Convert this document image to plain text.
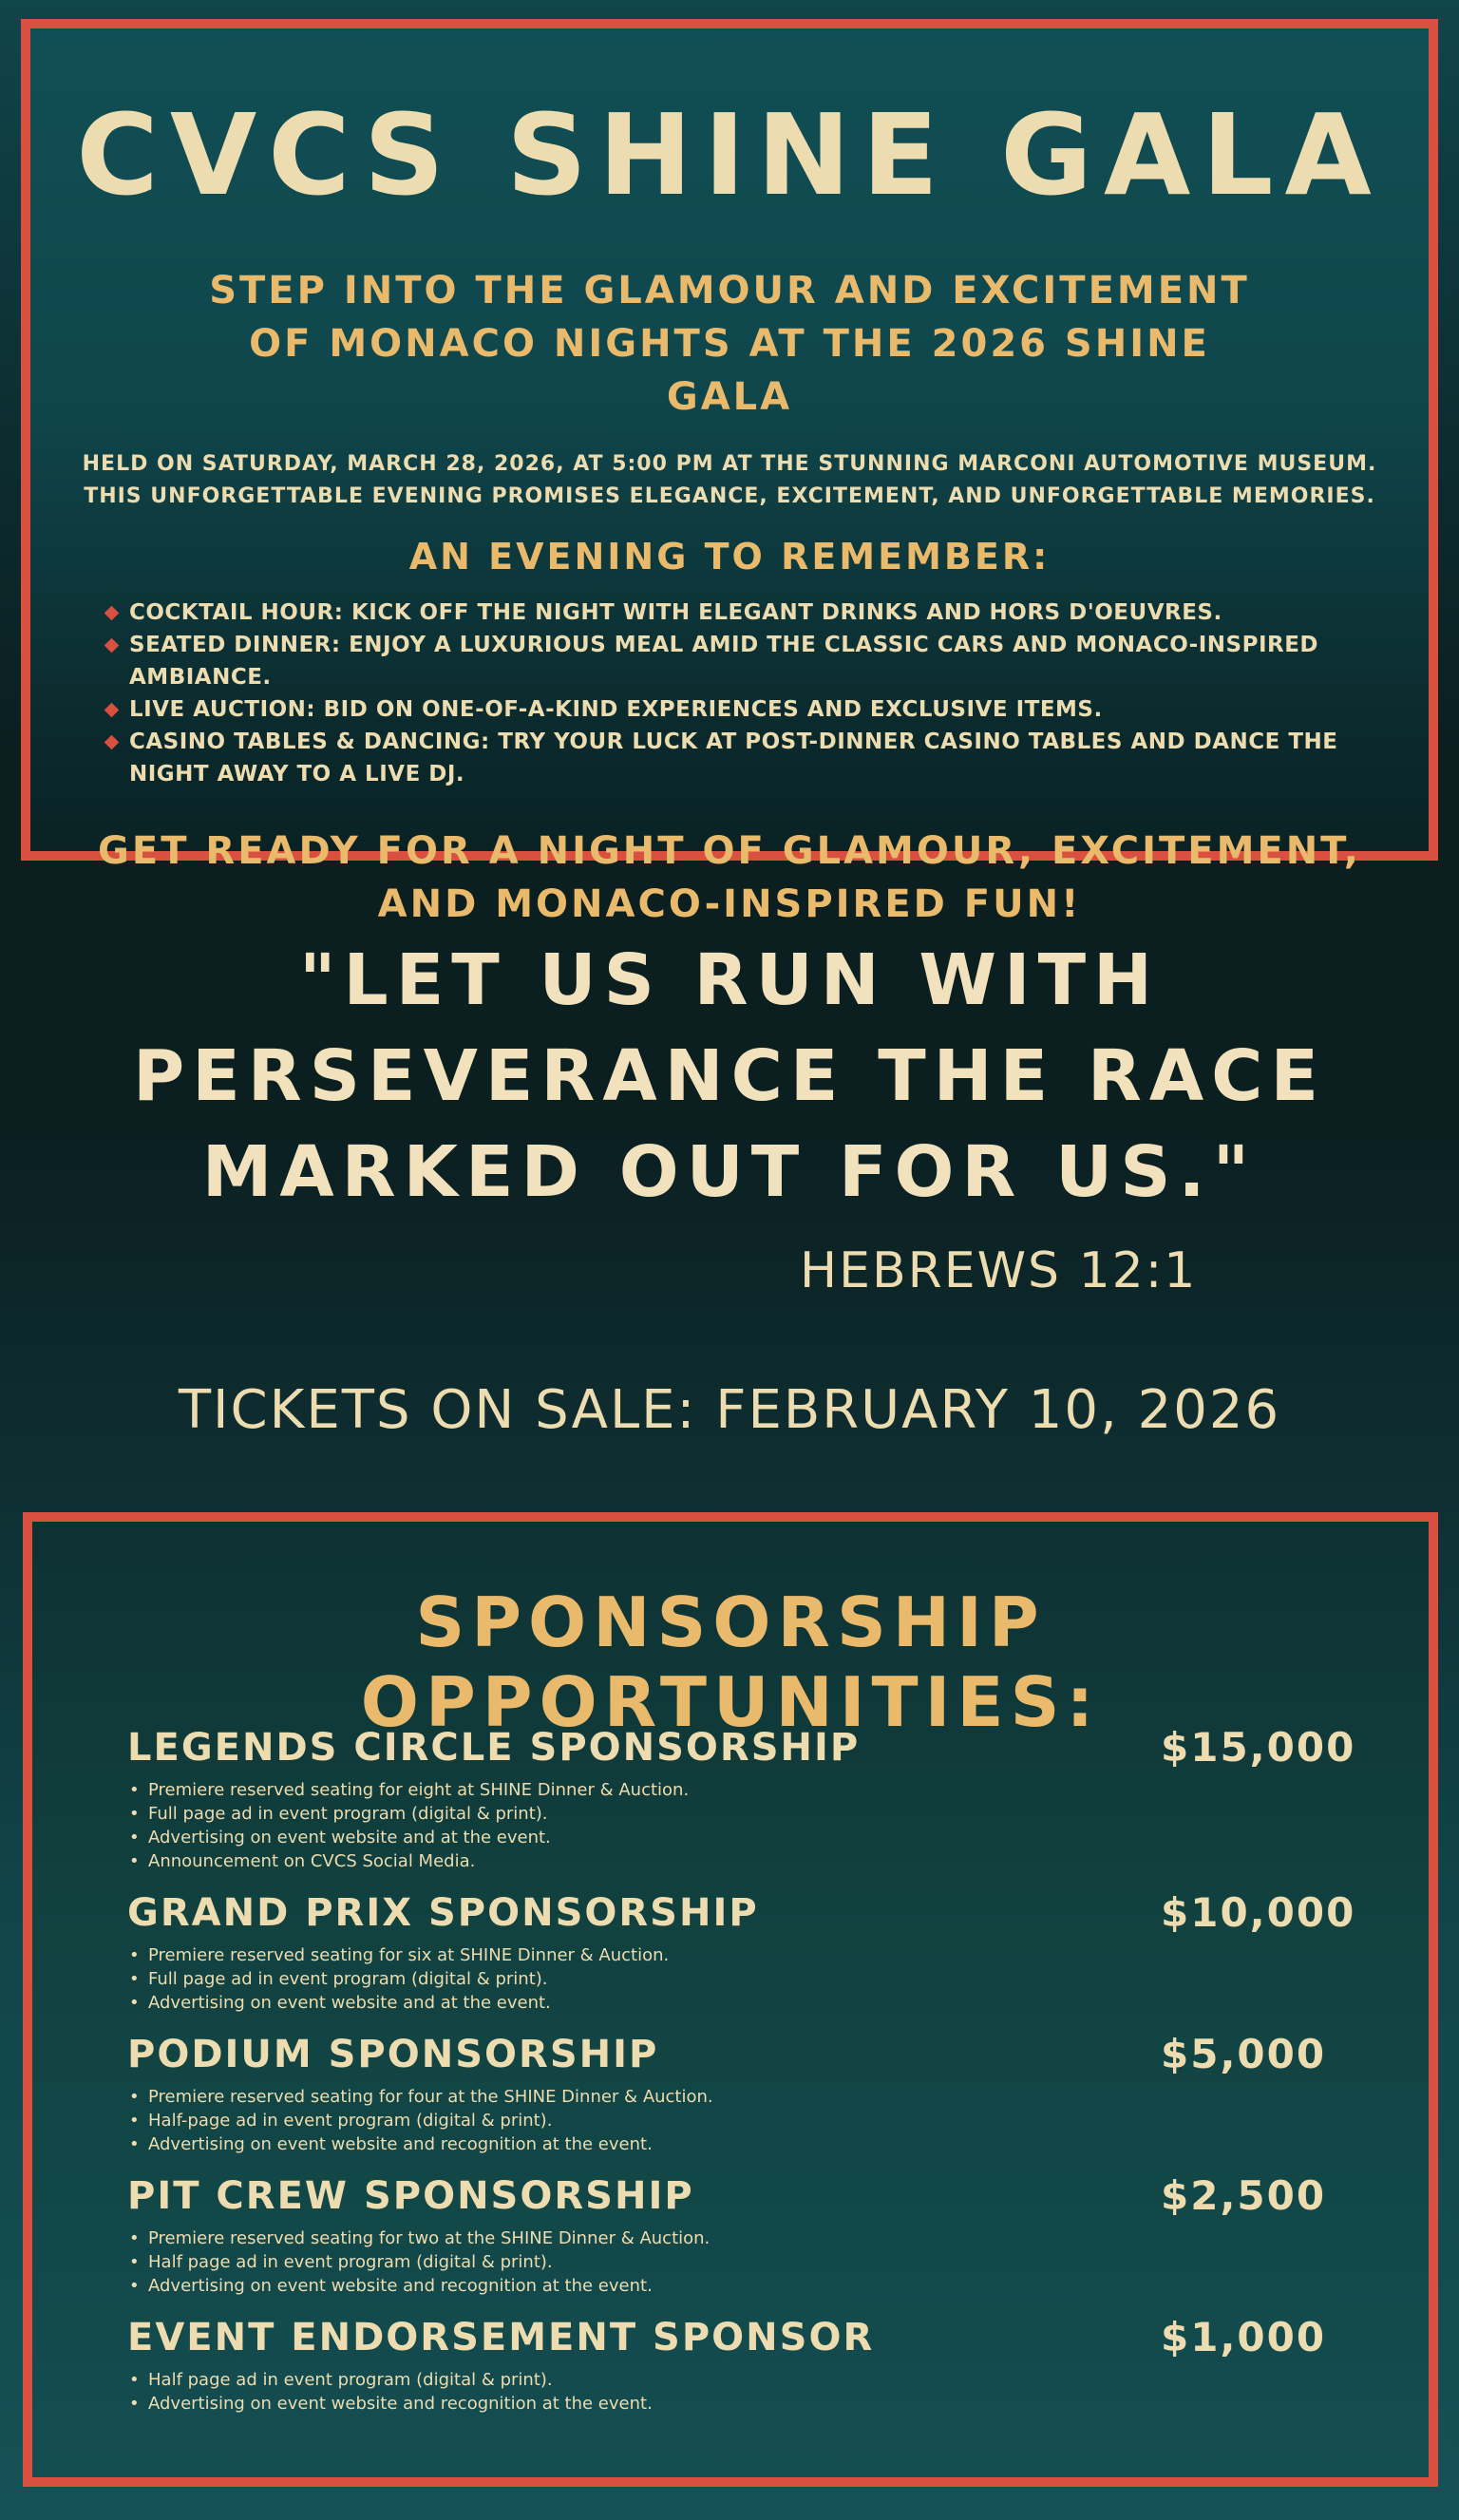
CVCS SHINE GALA
STEP INTO THE GLAMOUR AND EXCITEMENT OF MONACO NIGHTS AT THE 2026 SHINE GALA
HELD ON SATURDAY, MARCH 28, 2026, AT 5:00 PM AT THE STUNNING MARCONI AUTOMOTIVE MUSEUM.
THIS UNFORGETTABLE EVENING PROMISES ELEGANCE, EXCITEMENT, AND UNFORGETTABLE MEMORIES.
AN EVENING TO REMEMBER:
COCKTAIL HOUR: KICK OFF THE NIGHT WITH ELEGANT DRINKS AND HORS D'OEUVRES.
SEATED DINNER: ENJOY A LUXURIOUS MEAL AMID THE CLASSIC CARS AND MONACO-INSPIRED AMBIANCE.
LIVE AUCTION: BID ON ONE-OF-A-KIND EXPERIENCES AND EXCLUSIVE ITEMS.
CASINO TABLES & DANCING: TRY YOUR LUCK AT POST-DINNER CASINO TABLES AND DANCE THE
NIGHT AWAY TO A LIVE DJ.
GET READY FOR A NIGHT OF GLAMOUR, EXCITEMENT, AND MONACO-INSPIRED FUN!
"LET US RUN WITH
PERSEVERANCE THE RACE
MARKED OUT FOR US."
HEBREWS 12:1
TICKETS ON SALE: FEBRUARY 10, 2026
SPONSORSHIP OPPORTUNITIES:
LEGENDS CIRCLE SPONSORSHIP	$15,000
• Premiere reserved seating for eight at SHINE Dinner & Auction.
• Full page ad in event program (digital & print).
• Advertising on event website and at the event.
• Announcement on CVCS Social Media.
GRAND PRIX SPONSORSHIP	$10,000
• Premiere reserved seating for six at SHINE Dinner & Auction.
• Full page ad in event program (digital & print).
• Advertising on event website and at the event.
PODIUM SPONSORSHIP	$5,000
• Premiere reserved seating for four at the SHINE Dinner & Auction.
• Half-page ad in event program (digital & print).
• Advertising on event website and recognition at the event.
PIT CREW SPONSORSHIP	$2,500
• Premiere reserved seating for two at the SHINE Dinner & Auction.
• Half page ad in event program (digital & print).
• Advertising on event website and recognition at the event.
EVENT ENDORSEMENT SPONSOR	$1,000
• Half page ad in event program (digital & print).
• Advertising on event website and recognition at the event.
